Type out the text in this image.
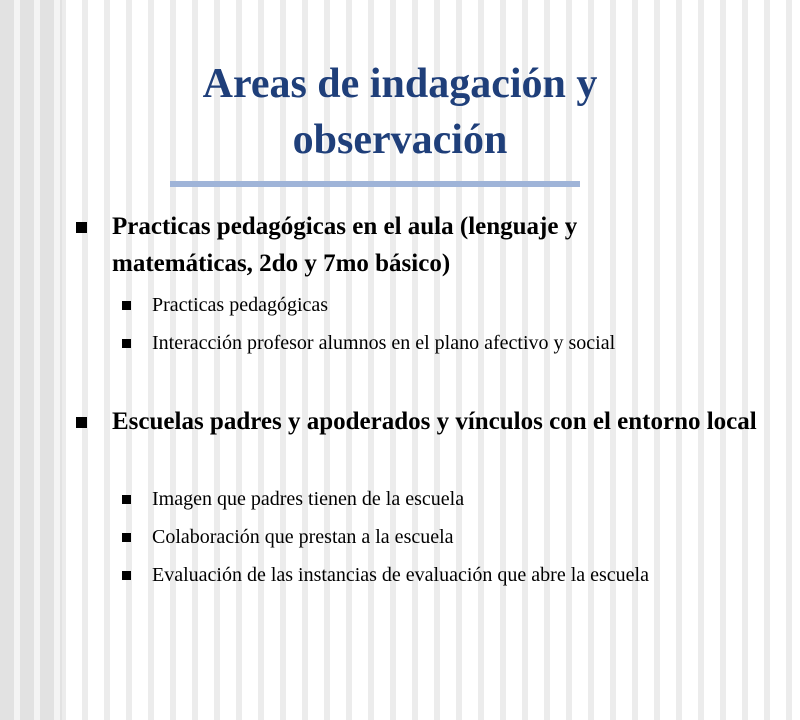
Areas de indagación y observación
Practicas pedagógicas en el aula (lenguaje y matemáticas, 2do y 7mo básico)
Practicas pedagógicas
Interacción profesor alumnos en el plano afectivo y social
Escuelas padres y apoderados y vínculos con el entorno local
Imagen que padres tienen de la escuela
Colaboración que prestan a la escuela
Evaluación de las instancias de evaluación que abre la escuela
